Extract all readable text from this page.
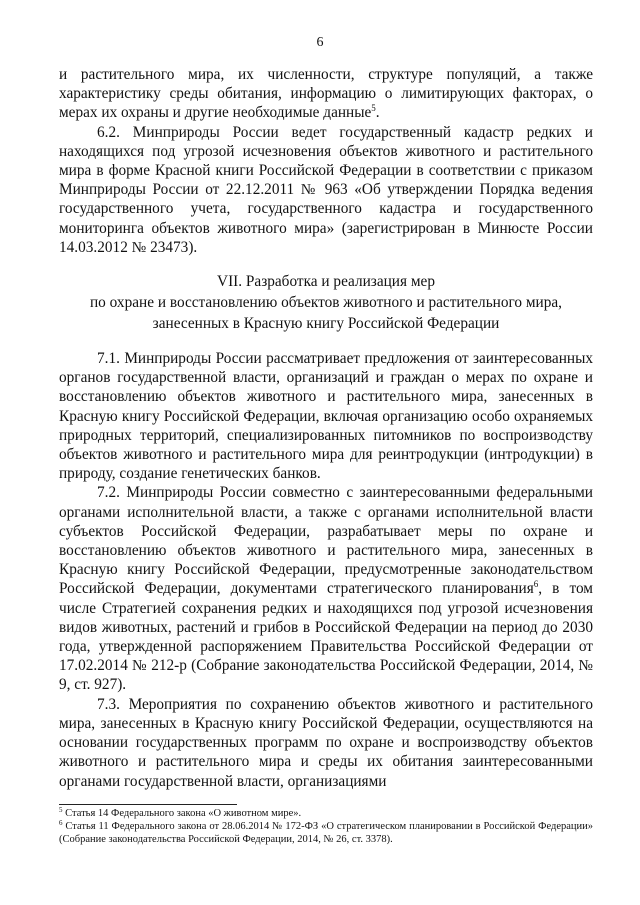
6

и растительного мира, их численности, структуре популяций, а также характеристику среды обитания, информацию о лимитирующих факторах, о мерах их охраны и другие необходимые данные$^5$.

6.2. Минприроды России ведет государственный кадастр редких и находящихся под угрозой исчезновения объектов животного и растительного мира в форме Красной книги Российской Федерации в соответствии с приказом Минприроды России от 22.12.2011 № 963 «Об утверждении Порядка ведения государственного учета, государственного кадастра и государственного мониторинга объектов животного мира» (зарегистрирован в Минюсте России 14.03.2012 № 23473).

VII. Разработка и реализация мер
по охране и восстановлению объектов животного и растительного мира,
занесенных в Красную книгу Российской Федерации

7.1. Минприроды России рассматривает предложения от заинтересованных органов государственной власти, организаций и граждан о мерах по охране и восстановлению объектов животного и растительного мира, занесенных в Красную книгу Российской Федерации, включая организацию особо охраняемых природных территорий, специализированных питомников по воспроизводству объектов животного и растительного мира для реинтродукции (интродукции) в природу, создание генетических банков.

7.2. Минприроды России совместно с заинтересованными федеральными органами исполнительной власти, а также с органами исполнительной власти субъектов Российской Федерации, разрабатывает меры по охране и восстановлению объектов животного и растительного мира, занесенных в Красную книгу Российской Федерации, предусмотренные законодательством Российской Федерации, документами стратегического планирования$^6$, в том числе Стратегией сохранения редких и находящихся под угрозой исчезновения видов животных, растений и грибов в Российской Федерации на период до 2030 года, утвержденной распоряжением Правительства Российской Федерации от 17.02.2014 № 212-р (Собрание законодательства Российской Федерации, 2014, № 9, ст. 927).

7.3. Мероприятия по сохранению объектов животного и растительного мира, занесенных в Красную книгу Российской Федерации, осуществляются на основании государственных программ по охране и воспроизводству объектов животного и растительного мира и среды их обитания заинтересованными органами государственной власти, организациями

$^5$ Статья 14 Федерального закона «О животном мире».

$^6$ Статья 11 Федерального закона от 28.06.2014 № 172-ФЗ «О стратегическом планировании в Российской Федерации» (Собрание законодательства Российской Федерации, 2014, № 26, ст. 3378).
